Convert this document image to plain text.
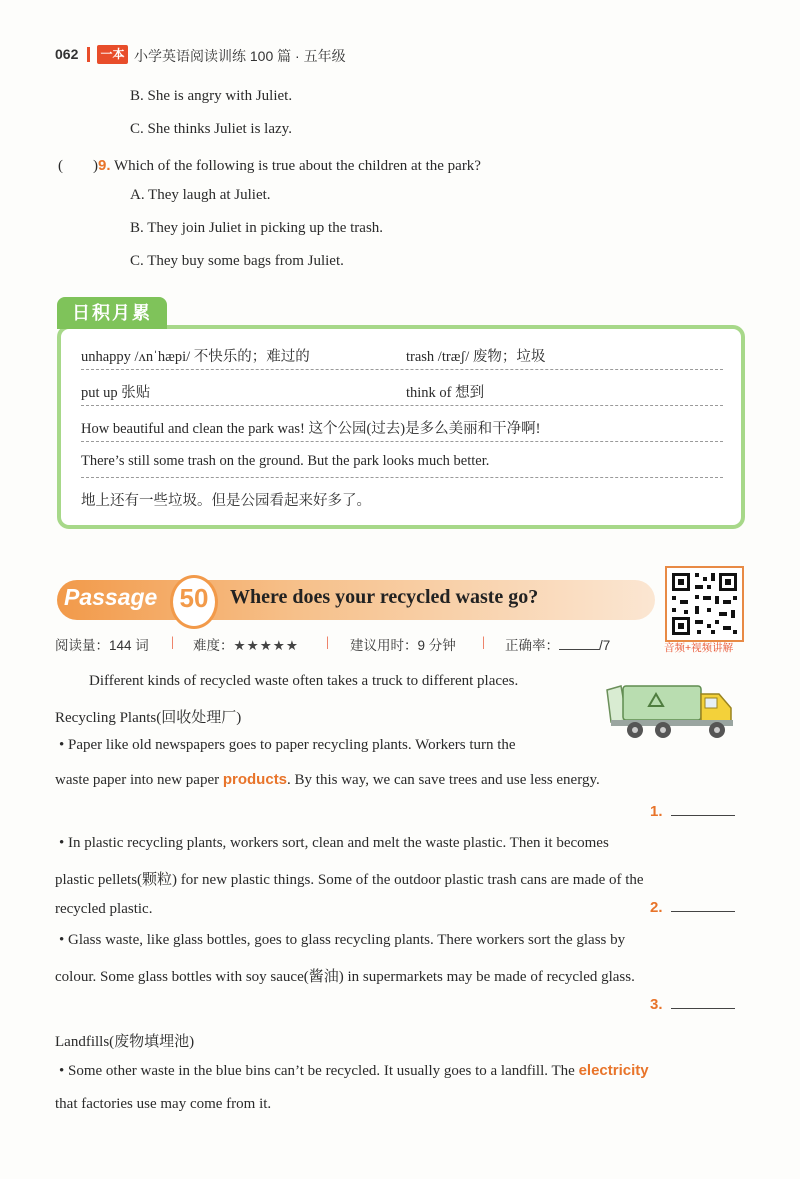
062 一本 小学英语阅读训练 100 篇 · 五年级
B. She is angry with Juliet.
C. She thinks Juliet is lazy.
(　　)9. Which of the following is true about the children at the park?
A. They laugh at Juliet.
B. They join Juliet in picking up the trash.
C. They buy some bags from Juliet.
unhappy /ʌnˈhæpi/ 不快乐的；难过的	trash /træʃ/ 废物；垃圾
put up 张贴	think of 想到
How beautiful and clean the park was! 这个公园(过去)是多么美丽和干净啊!
There’s still some trash on the ground. But the park looks much better.
地上还有一些垃圾。但是公园看起来好多了。
日积月累
Passage 50	Where does your recycled waste go?
音频+视频讲解
阅读量：144 词 | 难度：★★★★★ | 建议用时：9 分钟 | 正确率：	/7
Different kinds of recycled waste often takes a truck to different places.
Recycling Plants(回收处理厂)
• Paper like old newspapers goes to paper recycling plants. Workers turn the
waste paper into new paper products. By this way, we can save trees and use less energy.
1.
• In plastic recycling plants, workers sort, clean and melt the waste plastic. Then it becomes
plastic pellets(颗粒) for new plastic things. Some of the outdoor plastic trash cans are made of the
recycled plastic.	2.
• Glass waste, like glass bottles, goes to glass recycling plants. There workers sort the glass by
colour. Some glass bottles with soy sauce(酱油) in supermarkets may be made of recycled glass.
3.
Landfills(废物填埋池)
• Some other waste in the blue bins can’t be recycled. It usually goes to a landfill. The electricity
that factories use may come from it.
